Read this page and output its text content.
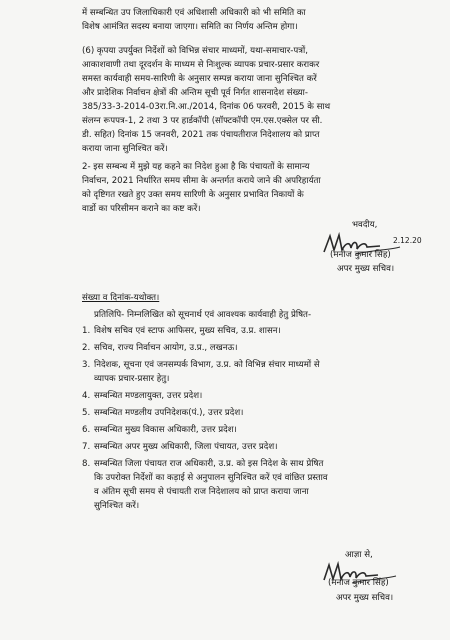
में सम्बन्धित उप जिलाधिकारी एवं अधिशासी अधिकारी को भी समिति का
विशेष आमंत्रित सदस्य बनाया जाएगा। समिति का निर्णय अन्तिम होगा।
(6) कृपया उपर्युक्त निर्देशों को विभिन्न संचार माध्यमों, यथा-समाचार-पत्रों,
आकाशवाणी तथा दूरदर्शन के माध्यम से निःशुल्क व्यापक प्रचार-प्रसार कराकर
समस्त कार्यवाही समय-सारिणी के अनुसार सम्पन्न कराया जाना सुनिश्चित करें
और प्रादेशिक निर्वाचन क्षेत्रों की अन्तिम सूची पूर्व निर्गत शासनादेश संख्या-
385/33-3-2014-03रा.नि.आ./2014, दिनांक 06 फरवरी, 2015 के साथ
संलग्न रूपपत्र-1, 2 तथा 3 पर हार्डकॉपी (सॉफ्टकॉपी एम.एस.एक्सेल पर सी.
डी. सहित) दिनांक 15 जनवरी, 2021 तक पंचायतीराज निदेशालय को प्राप्त
कराया जाना सुनिश्चित करें।
2- इस सम्बन्ध में मुझे यह कहने का निदेश हुआ है कि पंचायतों के सामान्य
निर्वाचन, 2021 निर्धारित समय सीमा के अन्तर्गत कराये जाने की अपरिहार्यता
को दृष्टिगत रखते हुए उक्त समय सारिणी के अनुसार प्रभावित निकायों के
वार्डो का परिसीमन कराने का कष्ट करें।
भवदीय,
2.12.20
(मनोज कुमार सिंह)
अपर मुख्य सचिव।
संख्या व दिनांक-यथोक्त।
प्रतिलिपि- निम्नलिखित को सूचनार्थ एवं आवश्यक कार्यवाही हेतु प्रेषित-
1. विशेष सचिव एवं स्टाफ आफिसर, मुख्य सचिव, उ.प्र. शासन।
2. सचिव, राज्य निर्वाचन आयोग, उ.प्र., लखनऊ।
3. निदेशक, सूचना एवं जनसम्पर्क विभाग, उ.प्र. को विभिन्न संचार माध्यमों से
व्यापक प्रचार-प्रसार हेतु।
4. सम्बन्धित मण्डलायुक्त, उत्तर प्रदेश।
5. सम्बन्धित मण्डलीय उपनिदेशक(पं.), उत्तर प्रदेश।
6. सम्बन्धित मुख्य विकास अधिकारी, उत्तर प्रदेश।
7. सम्बन्धित अपर मुख्य अधिकारी, जिला पंचायत, उत्तर प्रदेश।
8. सम्बन्धित जिला पंचायत राज अधिकारी, उ.प्र. को इस निदेश के साथ प्रेषित
कि उपरोक्त निर्देशों का कड़ाई से अनुपालन सुनिश्चित करें एवं वांछित प्रस्ताव
व अंतिम सूची समय से पंचायती राज निदेशालय को प्राप्त कराया जाना
सुनिश्चित करें।
आज्ञा से,
(मनोज कुमार सिंह)
अपर मुख्य सचिव।
